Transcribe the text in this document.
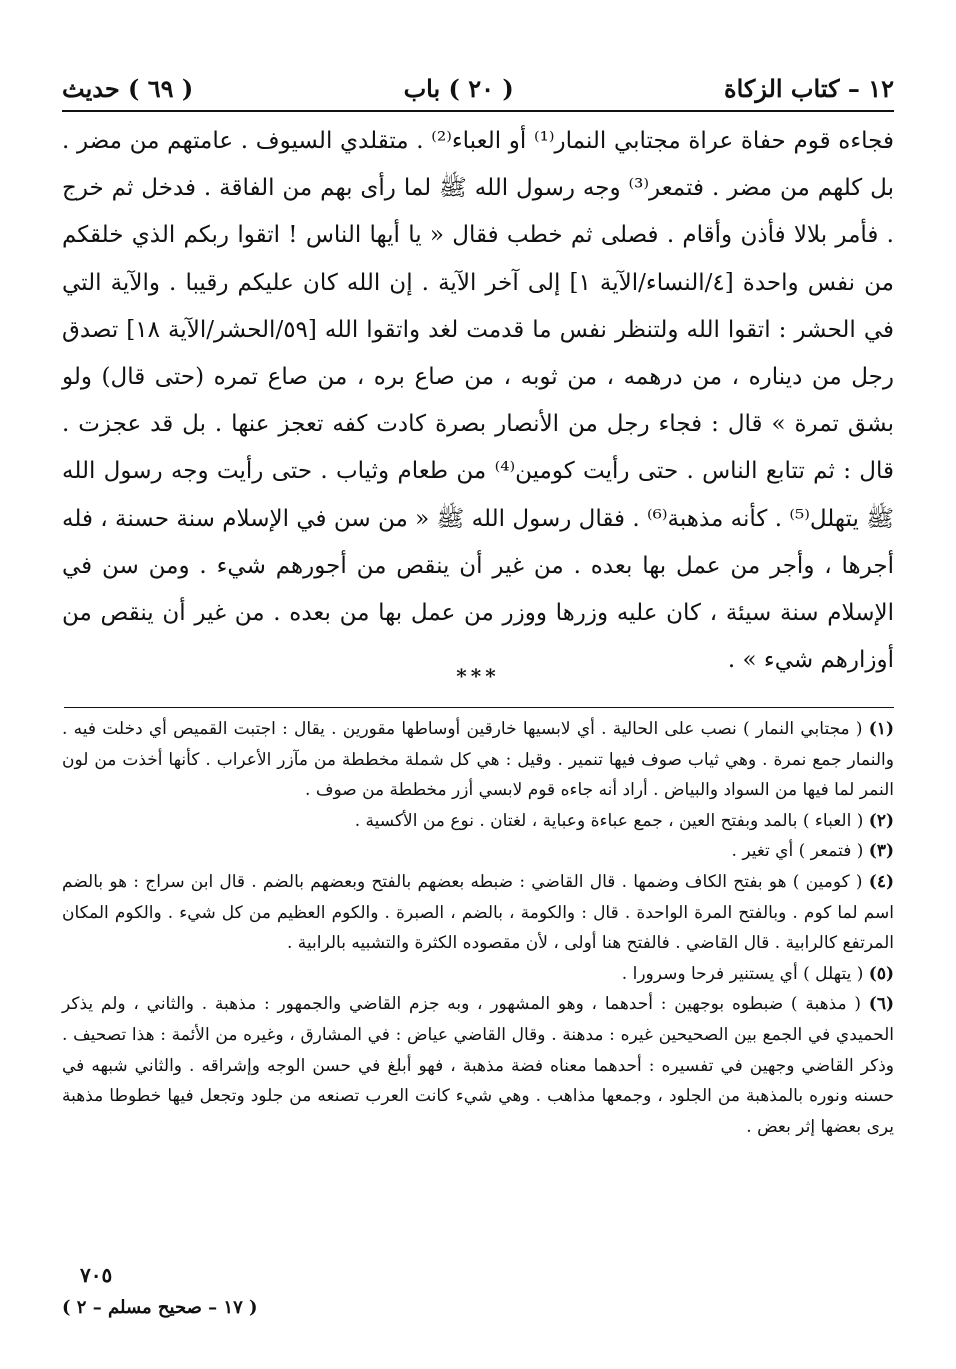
١٢ – كتاب الزكاة
( ٢٠ ) باب
( ٦٩ ) حديث

فجاءه قوم حفاة عراة مجتابي النمار⁽¹⁾ أو العباء⁽²⁾ . متقلدي السيوف . عامتهم من مضر . بل كلهم من مضر . فتمعر⁽³⁾ وجه رسول الله ﷺ لما رأى بهم من الفاقة . فدخل ثم خرج . فأمر بلالا فأذن وأقام . فصلى ثم خطب فقال « يا أيها الناس ! اتقوا ربكم الذي خلقكم من نفس واحدة [٤/النساء/الآية ١] إلى آخر الآية . إن الله كان عليكم رقيبا . والآية التي في الحشر : اتقوا الله ولتنظر نفس ما قدمت لغد واتقوا الله [٥٩/الحشر/الآية ١٨] تصدق رجل من ديناره ، من درهمه ، من ثوبه ، من صاع بره ، من صاع تمره (حتى قال) ولو بشق تمرة » قال : فجاء رجل من الأنصار بصرة كادت كفه تعجز عنها . بل قد عجزت . قال : ثم تتابع الناس . حتى رأيت كومين⁽⁴⁾ من طعام وثياب . حتى رأيت وجه رسول الله ﷺ يتهلل⁽⁵⁾ . كأنه مذهبة⁽⁶⁾ . فقال رسول الله ﷺ « من سن في الإسلام سنة حسنة ، فله أجرها ، وأجر من عمل بها بعده . من غير أن ينقص من أجورهم شيء . ومن سن في الإسلام سنة سيئة ، كان عليه وزرها ووزر من عمل بها من بعده . من غير أن ينقص من أوزارهم شيء » .

***

(١) ( مجتابي النمار ) نصب على الحالية . أي لابسيها خارقين أوساطها مقورين . يقال : اجتبت القميص أي دخلت فيه . والنمار جمع نمرة . وهي ثياب صوف فيها تنمير . وقيل : هي كل شملة مخططة من مآزر الأعراب . كأنها أخذت من لون النمر لما فيها من السواد والبياض . أراد أنه جاءه قوم لابسي أزر مخططة من صوف .

(٢) ( العباء ) بالمد وبفتح العين ، جمع عباءة وعباية ، لغتان . نوع من الأكسية .

(٣) ( فتمعر ) أي تغير .

(٤) ( كومين ) هو بفتح الكاف وضمها . قال القاضي : ضبطه بعضهم بالفتح وبعضهم بالضم . قال ابن سراج : هو بالضم اسم لما كوم . وبالفتح المرة الواحدة . قال : والكومة ، بالضم ، الصبرة . والكوم العظيم من كل شيء . والكوم المكان المرتفع كالرابية . قال القاضي . فالفتح هنا أولى ، لأن مقصوده الكثرة والتشبيه بالرابية .

(٥) ( يتهلل ) أي يستنير فرحا وسرورا .

(٦) ( مذهبة ) ضبطوه بوجهين : أحدهما ، وهو المشهور ، وبه جزم القاضي والجمهور : مذهبة . والثاني ، ولم يذكر الحميدي في الجمع بين الصحيحين غيره : مدهنة . وقال القاضي عياض : في المشارق ، وغيره من الأئمة : هذا تصحيف . وذكر القاضي وجهين في تفسيره : أحدهما معناه فضة مذهبة ، فهو أبلغ في حسن الوجه وإشراقه . والثاني شبهه في حسنه ونوره بالمذهبة من الجلود ، وجمعها مذاهب . وهي شيء كانت العرب تصنعه من جلود وتجعل فيها خطوطا مذهبة يرى بعضها إثر بعض .

٧٠٥
( ١٧ – صحيح مسلم – ٢ )
